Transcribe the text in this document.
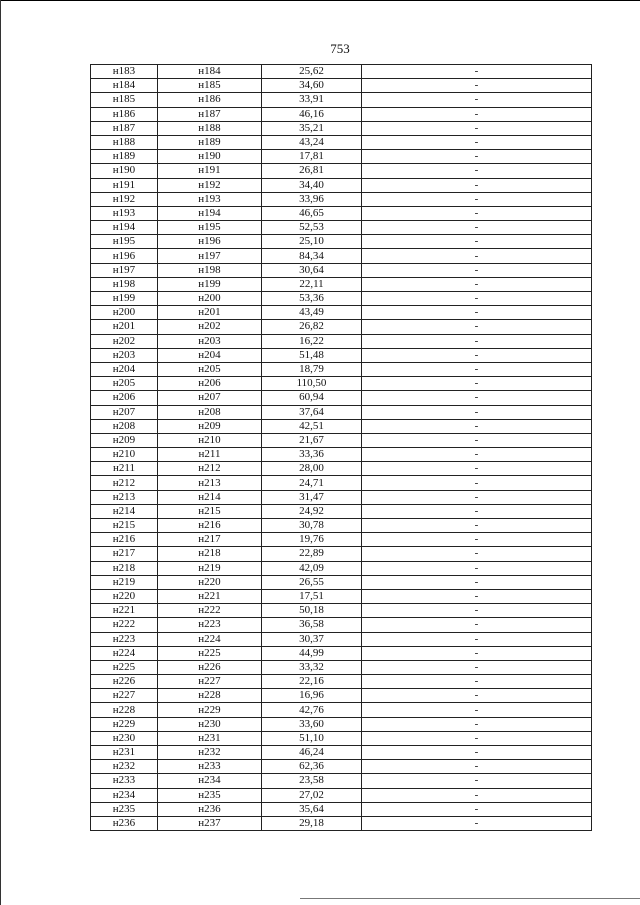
753
н183	н184	25,62	-
н184	н185	34,60	-
н185	н186	33,91	-
н186	н187	46,16	-
н187	н188	35,21	-
н188	н189	43,24	-
н189	н190	17,81	-
н190	н191	26,81	-
н191	н192	34,40	-
н192	н193	33,96	-
н193	н194	46,65	-
н194	н195	52,53	-
н195	н196	25,10	-
н196	н197	84,34	-
н197	н198	30,64	-
н198	н199	22,11	-
н199	н200	53,36	-
н200	н201	43,49	-
н201	н202	26,82	-
н202	н203	16,22	-
н203	н204	51,48	-
н204	н205	18,79	-
н205	н206	110,50	-
н206	н207	60,94	-
н207	н208	37,64	-
н208	н209	42,51	-
н209	н210	21,67	-
н210	н211	33,36	-
н211	н212	28,00	-
н212	н213	24,71	-
н213	н214	31,47	-
н214	н215	24,92	-
н215	н216	30,78	-
н216	н217	19,76	-
н217	н218	22,89	-
н218	н219	42,09	-
н219	н220	26,55	-
н220	н221	17,51	-
н221	н222	50,18	-
н222	н223	36,58	-
н223	н224	30,37	-
н224	н225	44,99	-
н225	н226	33,32	-
н226	н227	22,16	-
н227	н228	16,96	-
н228	н229	42,76	-
н229	н230	33,60	-
н230	н231	51,10	-
н231	н232	46,24	-
н232	н233	62,36	-
н233	н234	23,58	-
н234	н235	27,02	-
н235	н236	35,64	-
н236	н237	29,18	-
